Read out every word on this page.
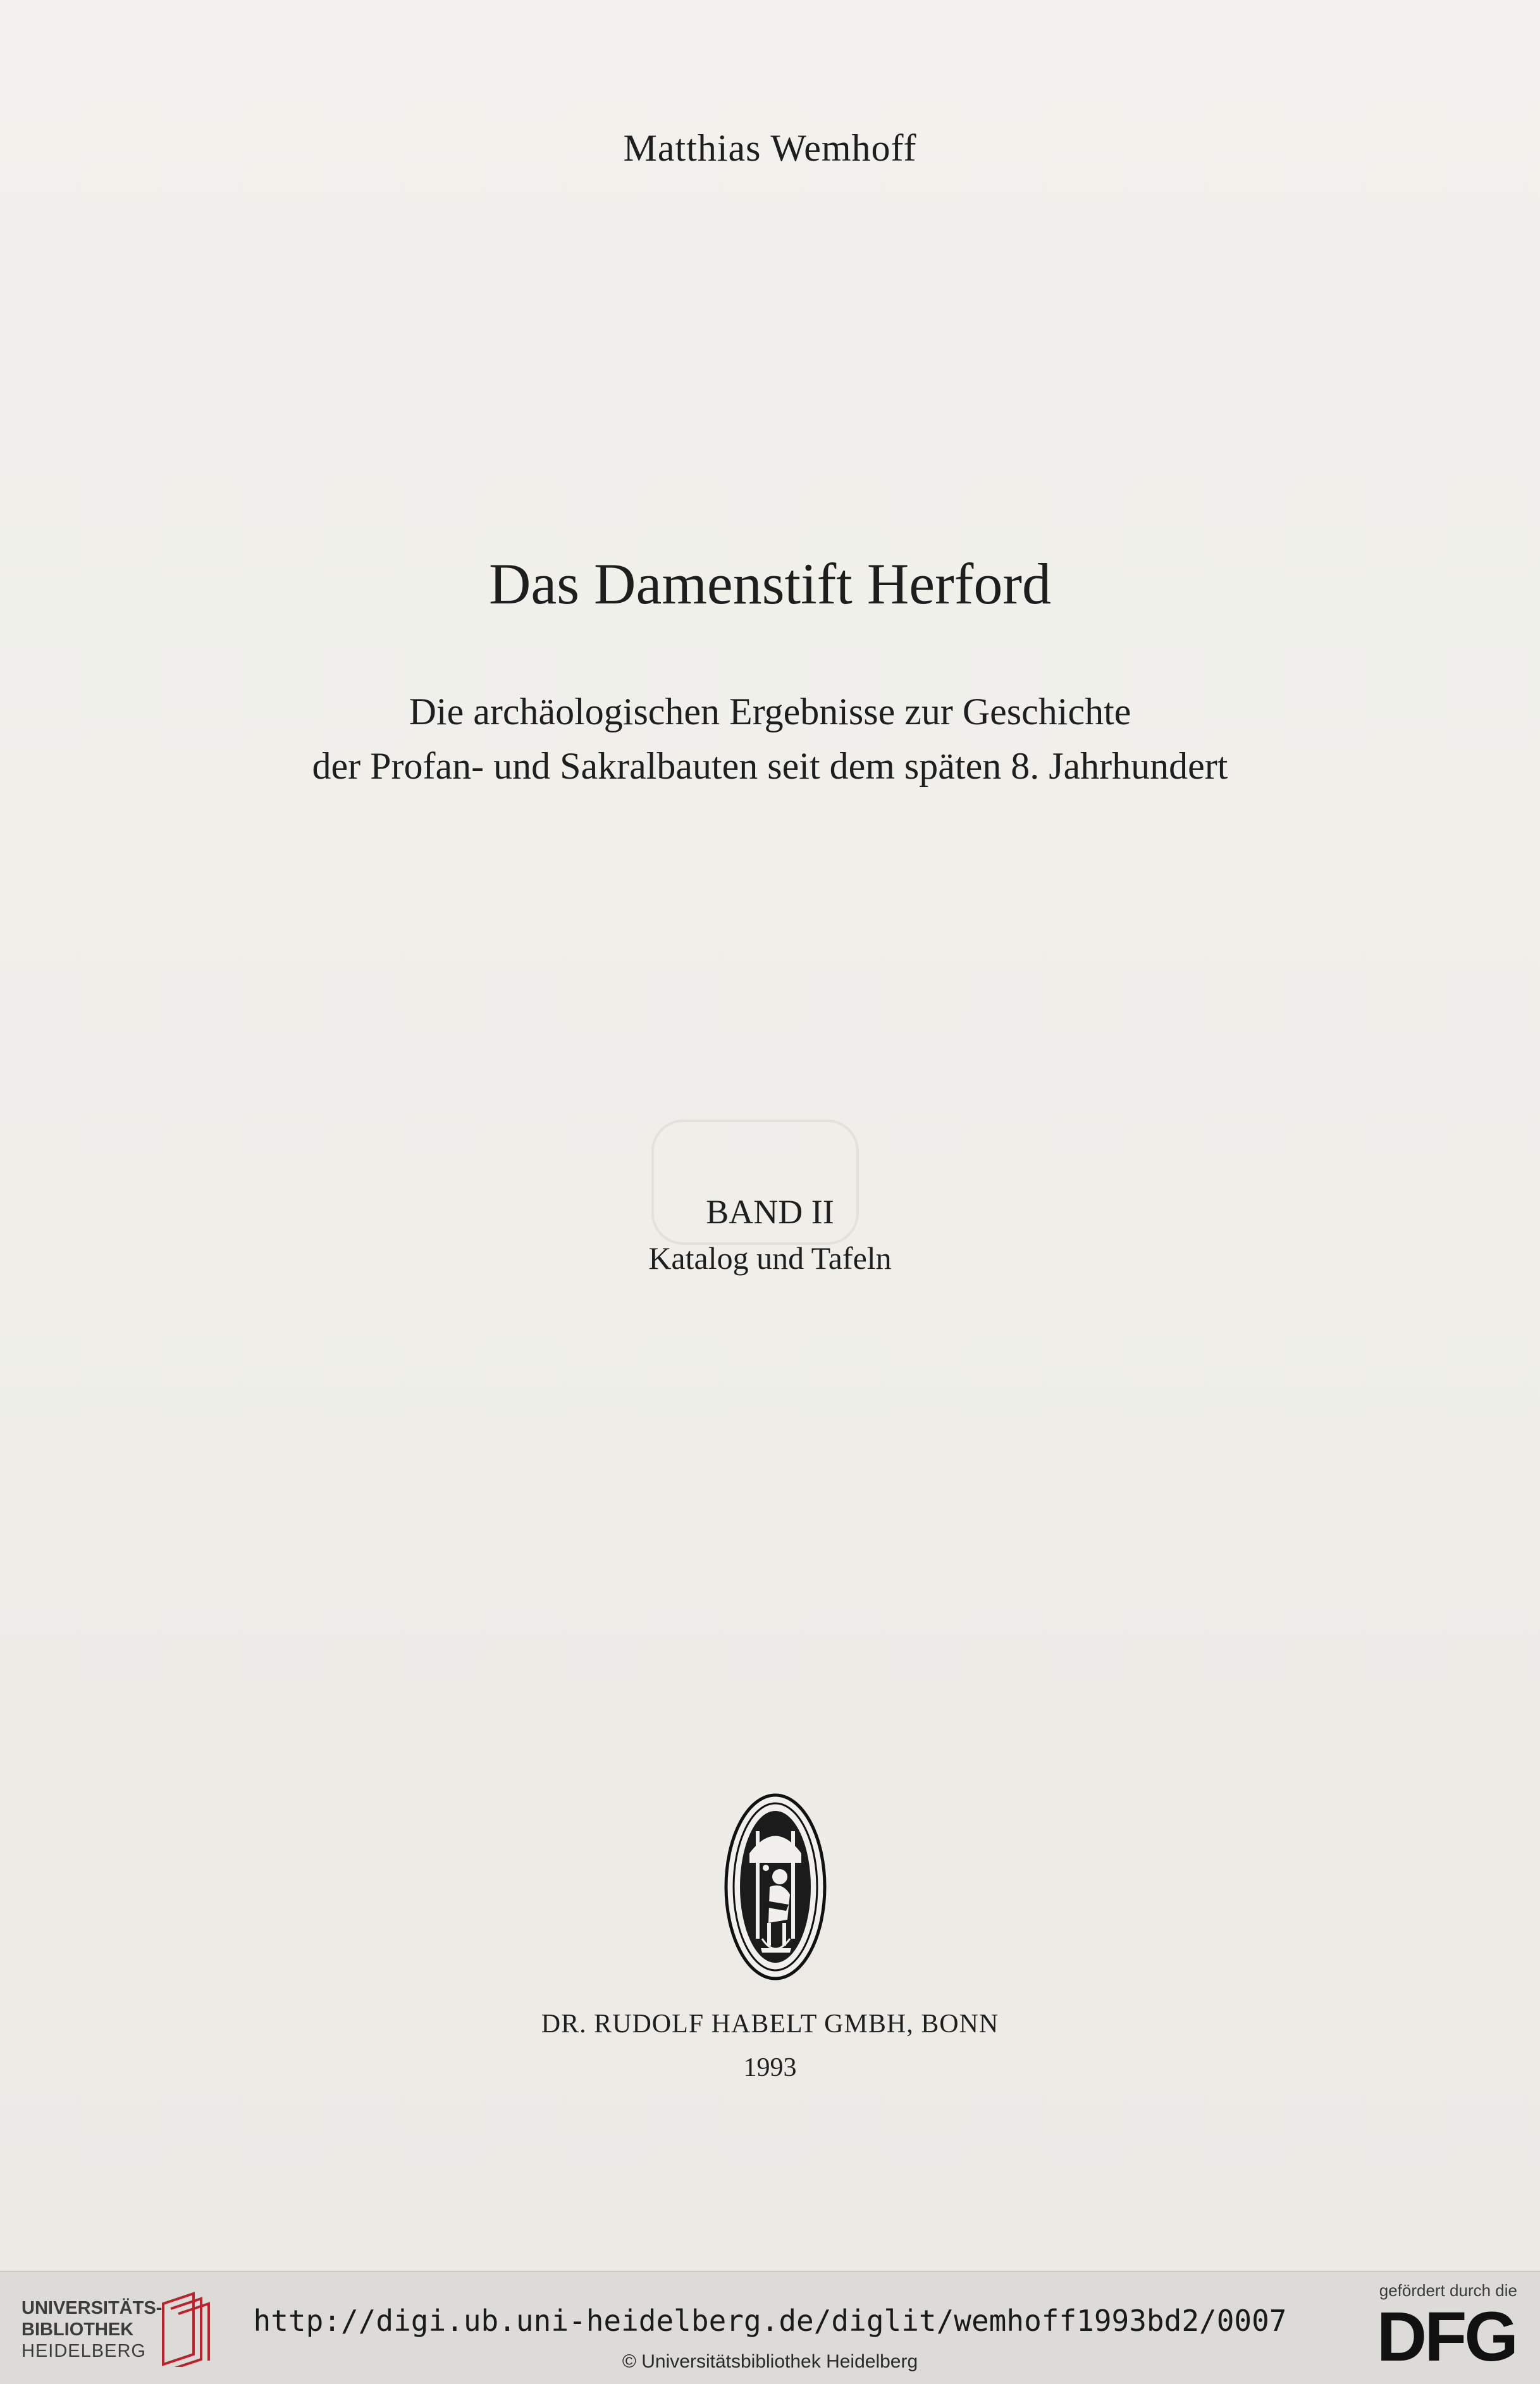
Matthias Wemhoff
Das Damenstift Herford
Die archäologischen Ergebnisse zur Geschichte
der Profan- und Sakralbauten seit dem späten 8. Jahrhundert
BAND II
Katalog und Tafeln
DR. RUDOLF HABELT GMBH, BONN
1993
UNIVERSITÄTS-
BIBLIOTHEK
HEIDELBERG
http://digi.ub.uni-heidelberg.de/diglit/wemhoff1993bd2/0007
© Universitätsbibliothek Heidelberg
gefördert durch die
DFG
